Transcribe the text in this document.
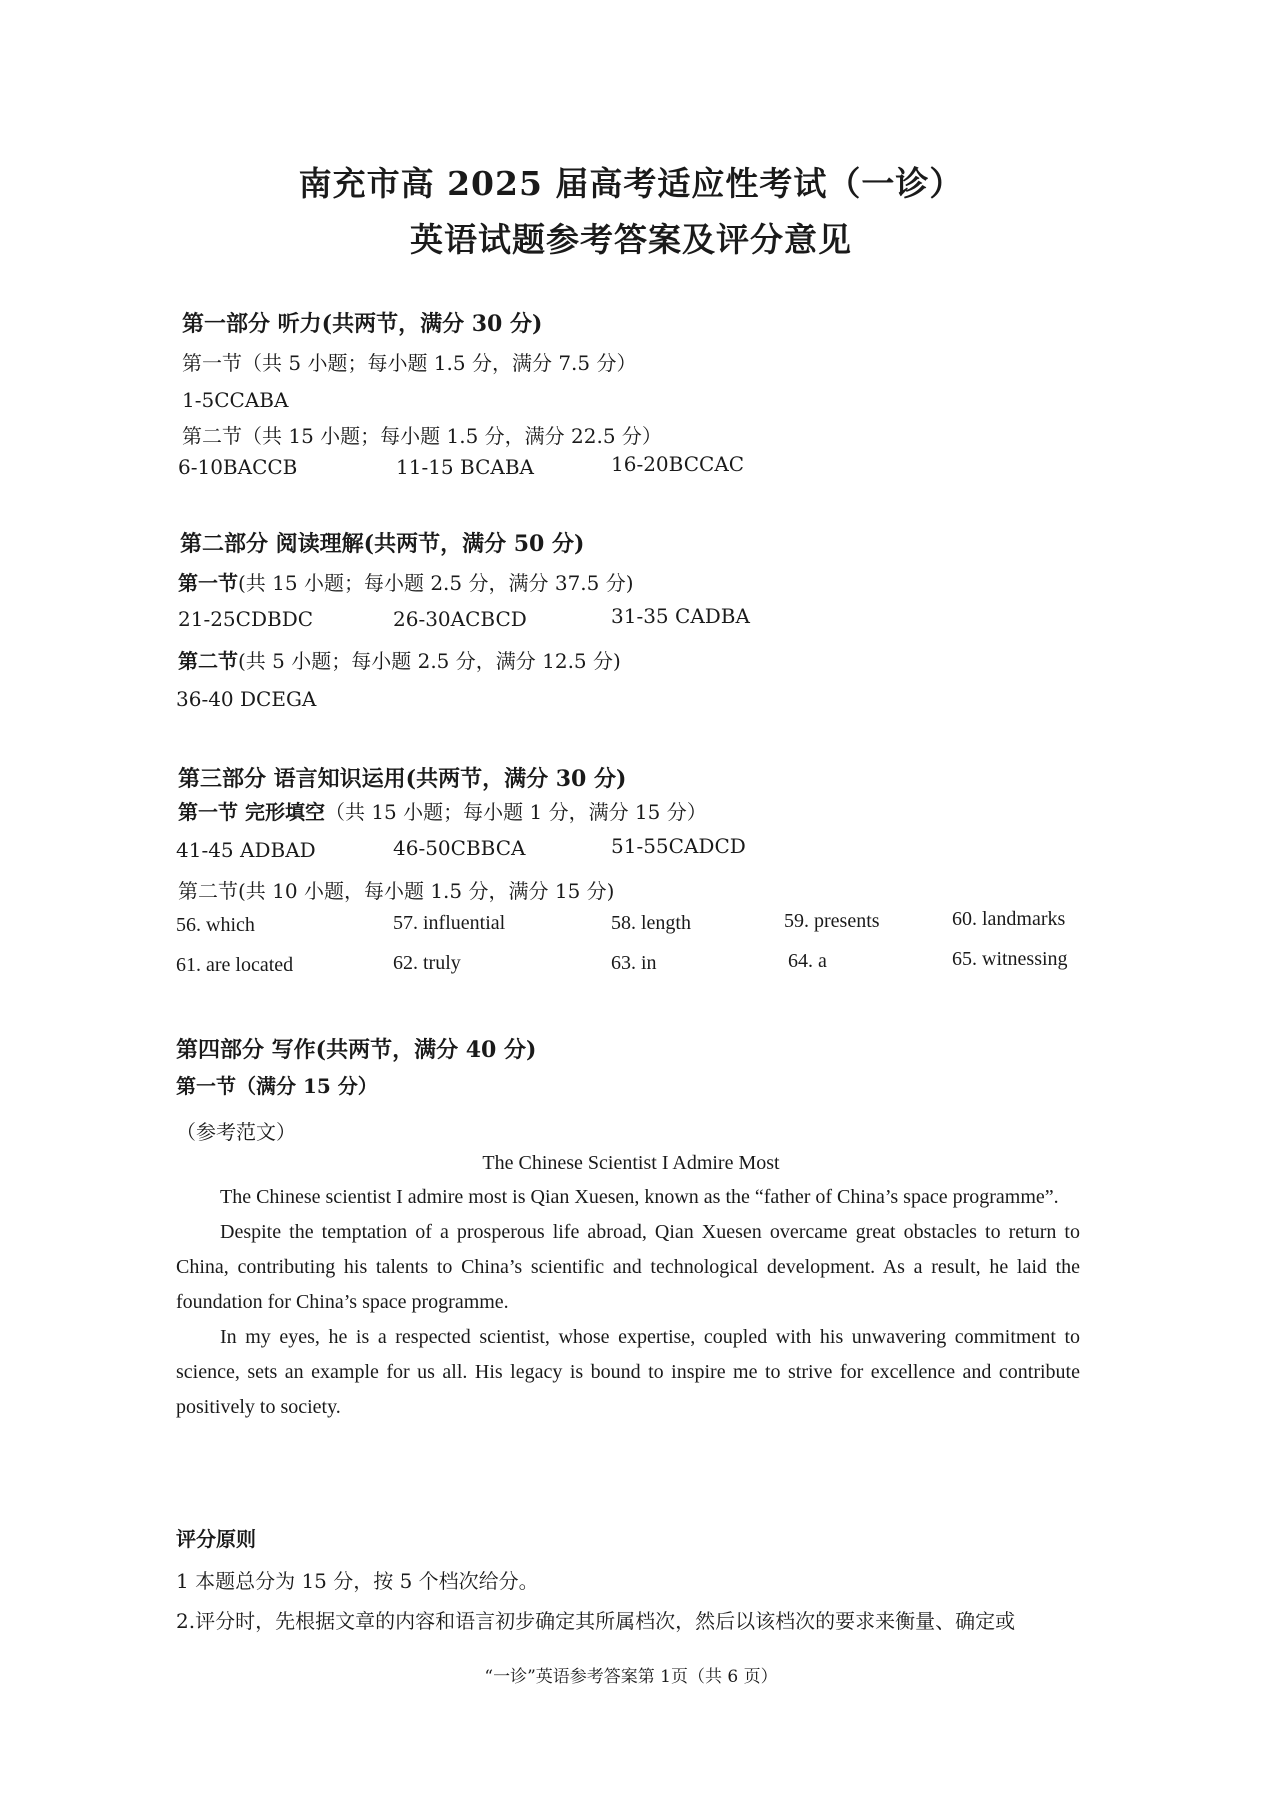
南充市高 2025 届高考适应性考试（一诊）
英语试题参考答案及评分意见
第一部分 听力(共两节，满分 30 分)
第一节（共 5 小题；每小题 1.5 分，满分 7.5 分）
1-5CCABA
第二节（共 15 小题；每小题 1.5 分，满分 22.5 分）
6-10BACCB	11-15 BCABA	16-20BCCAC
第二部分 阅读理解(共两节，满分 50 分)
第一节(共 15 小题；每小题 2.5 分，满分 37.5 分)
21-25CDBDC	26-30ACBCD	31-35 CADBA
第二节(共 5 小题；每小题 2.5 分，满分 12.5 分)
36-40 DCEGA
第三部分 语言知识运用(共两节，满分 30 分)
第一节 完形填空（共 15 小题；每小题 1 分，满分 15 分）
41-45 ADBAD	46-50CBBCA	51-55CADCD
第二节(共 10 小题，每小题 1.5 分，满分 15 分)
56. which	57. influential	58. length	59. presents	60. landmarks
61. are located	62. truly	63. in	64. a	65. witnessing
第四部分 写作(共两节，满分 40 分)
第一节（满分 15 分）
（参考范文）
The Chinese Scientist I Admire Most

The Chinese scientist I admire most is Qian Xuesen, known as the “father of China’s space programme”.

Despite the temptation of a prosperous life abroad, Qian Xuesen overcame great obstacles to return to China, contributing his talents to China’s scientific and technological development. As a result, he laid the foundation for China’s space programme.

In my eyes, he is a respected scientist, whose expertise, coupled with his unwavering commitment to science, sets an example for us all. His legacy is bound to inspire me to strive for excellence and contribute positively to society.

评分原则
1 本题总分为 15 分，按 5 个档次给分。
2.评分时，先根据文章的内容和语言初步确定其所属档次，然后以该档次的要求来衡量、确定或
“一诊”英语参考答案第 1页（共 6 页）
